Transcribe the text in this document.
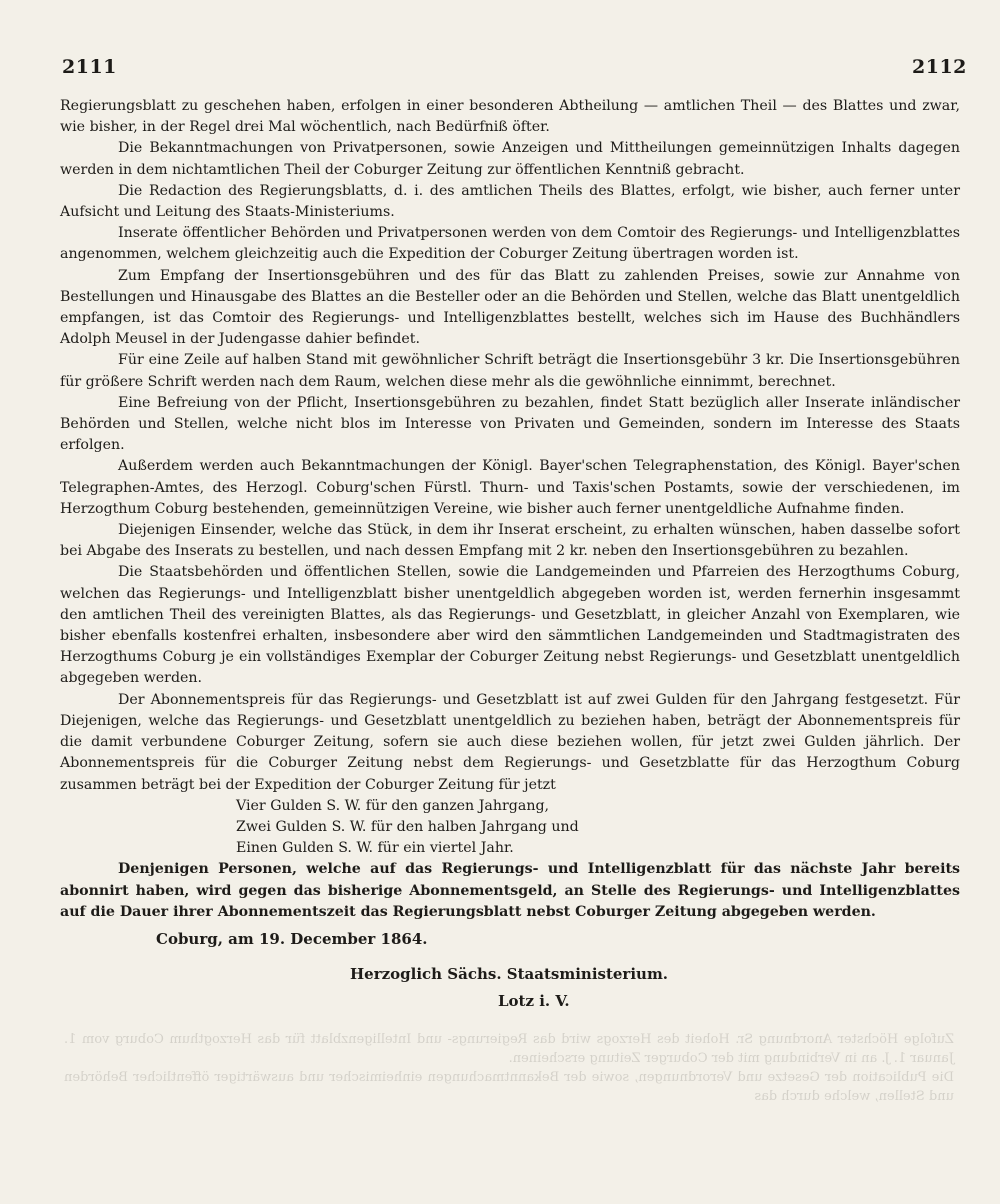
2111	2112

Regierungsblatt zu geschehen haben, erfolgen in einer besonderen Abtheilung — amtlichen Theil — des Blattes und zwar, wie bisher, in der Regel drei Mal wöchentlich, nach Bedürfniß öfter.

Die Bekanntmachungen von Privatpersonen, sowie Anzeigen und Mittheilungen gemeinnützigen Inhalts dagegen werden in dem nichtamtlichen Theil der Coburger Zeitung zur öffentlichen Kenntniß gebracht.

Die Redaction des Regierungsblatts, d. i. des amtlichen Theils des Blattes, erfolgt, wie bisher, auch ferner unter Aufsicht und Leitung des Staats-Ministeriums.

Inserate öffentlicher Behörden und Privatpersonen werden von dem Comtoir des Regierungs- und Intelligenzblattes angenommen, welchem gleichzeitig auch die Expedition der Coburger Zeitung übertragen worden ist.

Zum Empfang der Insertionsgebühren und des für das Blatt zu zahlenden Preises, sowie zur Annahme von Bestellungen und Hinausgabe des Blattes an die Besteller oder an die Behörden und Stellen, welche das Blatt unentgeldlich empfangen, ist das Comtoir des Regierungs- und Intelligenzblattes bestellt, welches sich im Hause des Buchhändlers Adolph Meusel in der Judengasse dahier befindet.

Für eine Zeile auf halben Stand mit gewöhnlicher Schrift beträgt die Insertionsgebühr 3 kr. Die Insertionsgebühren für größere Schrift werden nach dem Raum, welchen diese mehr als die gewöhnliche einnimmt, berechnet.

Eine Befreiung von der Pflicht, Insertionsgebühren zu bezahlen, findet Statt bezüglich aller Inserate inländischer Behörden und Stellen, welche nicht blos im Interesse von Privaten und Gemeinden, sondern im Interesse des Staats erfolgen.

Außerdem werden auch Bekanntmachungen der Königl. Bayer'schen Telegraphenstation, des Königl. Bayer'schen Telegraphen-Amtes, des Herzogl. Coburg'schen Fürstl. Thurn- und Taxis'schen Postamts, sowie der verschiedenen, im Herzogthum Coburg bestehenden, gemeinnützigen Vereine, wie bisher auch ferner unentgeldliche Aufnahme finden.

Diejenigen Einsender, welche das Stück, in dem ihr Inserat erscheint, zu erhalten wünschen, haben dasselbe sofort bei Abgabe des Inserats zu bestellen, und nach dessen Empfang mit 2 kr. neben den Insertionsgebühren zu bezahlen.

Die Staatsbehörden und öffentlichen Stellen, sowie die Landgemeinden und Pfarreien des Herzogthums Coburg, welchen das Regierungs- und Intelligenzblatt bisher unentgeldlich abgegeben worden ist, werden fernerhin insgesammt den amtlichen Theil des vereinigten Blattes, als das Regierungs- und Gesetzblatt, in gleicher Anzahl von Exemplaren, wie bisher ebenfalls kostenfrei erhalten, insbesondere aber wird den sämmtlichen Landgemeinden und Stadtmagistraten des Herzogthums Coburg je ein vollständiges Exemplar der Coburger Zeitung nebst Regierungs- und Gesetzblatt unentgeldlich abgegeben werden.

Der Abonnementspreis für das Regierungs- und Gesetzblatt ist auf zwei Gulden für den Jahrgang festgesetzt. Für Diejenigen, welche das Regierungs- und Gesetzblatt unentgeldlich zu beziehen haben, beträgt der Abonnementspreis für die damit verbundene Coburger Zeitung, sofern sie auch diese beziehen wollen, für jetzt zwei Gulden jährlich. Der Abonnementspreis für die Coburger Zeitung nebst dem Regierungs- und Gesetzblatte für das Herzogthum Coburg zusammen beträgt bei der Expedition der Coburger Zeitung für jetzt

Vier Gulden S. W. für den ganzen Jahrgang,
Zwei Gulden S. W. für den halben Jahrgang und
Einen Gulden S. W. für ein viertel Jahr.

Denjenigen Personen, welche auf das Regierungs- und Intelligenzblatt für das nächste Jahr bereits abonnirt haben, wird gegen das bisherige Abonnementsgeld, an Stelle des Regierungs- und Intelligenzblattes auf die Dauer ihrer Abonnementszeit das Regierungsblatt nebst Coburger Zeitung abgegeben werden.

Coburg, am 19. December 1864.
Herzoglich Sächs. Staatsministerium.
Lotz i. V.

Zufolge Höchster Anordnung Sr. Hoheit des Herzogs wird das Regierungs- und Intelligenzblatt für das Herzogthum Coburg vom 1. Januar 1. J. an in Verbindung mit der Coburger Zeitung erscheinen.

Die Publication der Gesetze und Verordnungen, sowie der Bekanntmachungen einheimischer und auswärtiger öffentlicher Behörden und Stellen, welche durch das
